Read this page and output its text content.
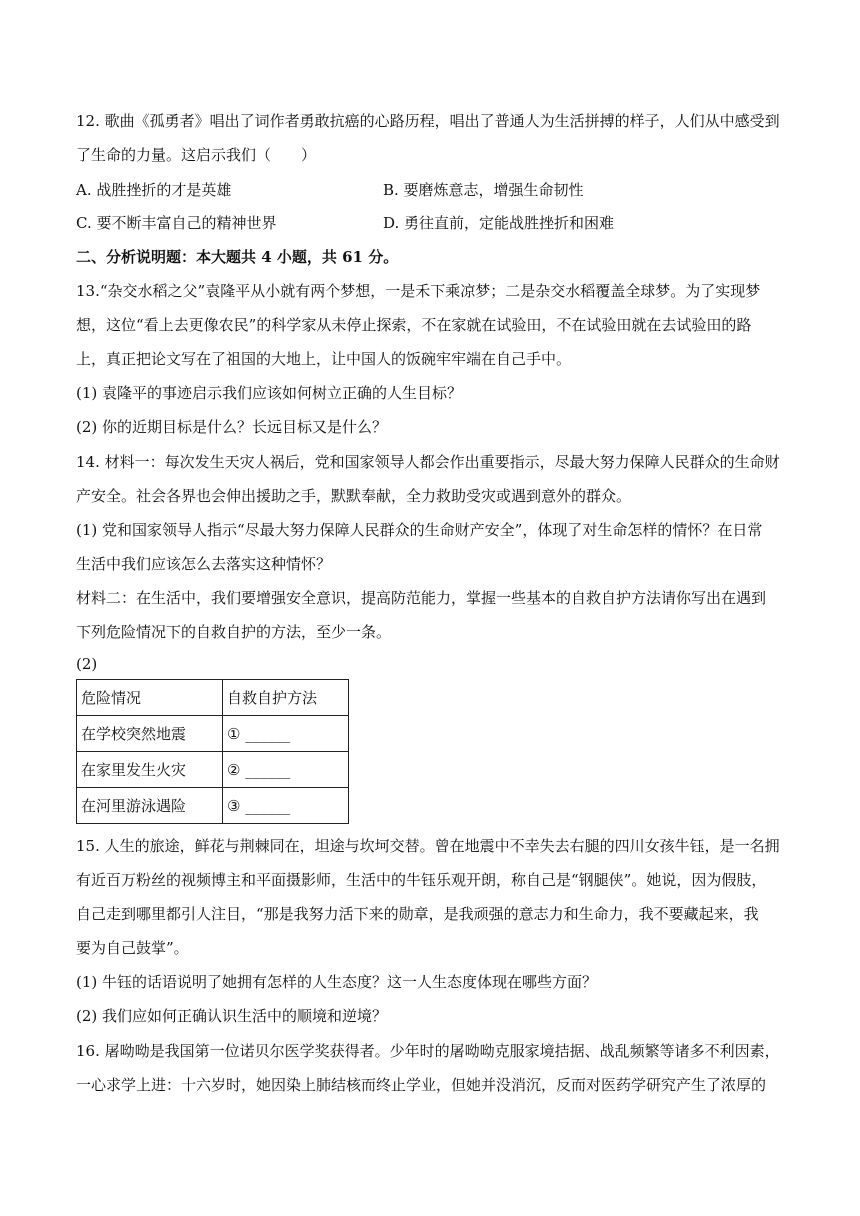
12. 歌曲《孤勇者》唱出了词作者勇敢抗癌的心路历程，唱出了普通人为生活拼搏的样子，人们从中感受到
了生命的力量。这启示我们（　　）
A. 战胜挫折的才是英雄	B. 要磨炼意志，增强生命韧性
C. 要不断丰富自己的精神世界	D. 勇往直前，定能战胜挫折和困难
二、分析说明题：本大题共 4 小题，共 61 分。
13.“杂交水稻之父”袁隆平从小就有两个梦想，一是禾下乘凉梦；二是杂交水稻覆盖全球梦。为了实现梦
想，这位“看上去更像农民”的科学家从未停止探索，不在家就在试验田，不在试验田就在去试验田的路
上，真正把论文写在了祖国的大地上，让中国人的饭碗牢牢端在自己手中。
(1) 袁隆平的事迹启示我们应该如何树立正确的人生目标？
(2) 你的近期目标是什么？长远目标又是什么？
14. 材料一：每次发生天灾人祸后，党和国家领导人都会作出重要指示，尽最大努力保障人民群众的生命财
产安全。社会各界也会伸出援助之手，默默奉献，全力救助受灾或遇到意外的群众。
(1) 党和国家领导人指示“尽最大努力保障人民群众的生命财产安全”，体现了对生命怎样的情怀？在日常
生活中我们应该怎么去落实这种情怀？
材料二：在生活中，我们要增强安全意识，提高防范能力，掌握一些基本的自救自护方法请你写出在遇到
下列危险情况下的自救自护的方法，至少一条。
(2)
危险情况	自救自护方法
在学校突然地震	① ______
在家里发生火灾	② ______
在河里游泳遇险	③ ______
15. 人生的旅途，鲜花与荆棘同在，坦途与坎坷交替。曾在地震中不幸失去右腿的四川女孩牛钰，是一名拥
有近百万粉丝的视频博主和平面摄影师，生活中的牛钰乐观开朗，称自己是“钢腿侠”。她说，因为假肢，
自己走到哪里都引人注目，“那是我努力活下来的勋章，是我顽强的意志力和生命力，我不要藏起来，我
要为自己鼓掌”。
(1) 牛钰的话语说明了她拥有怎样的人生态度？这一人生态度体现在哪些方面？
(2) 我们应如何正确认识生活中的顺境和逆境？
16. 屠呦呦是我国第一位诺贝尔医学奖获得者。少年时的屠呦呦克服家境拮据、战乱频繁等诸多不利因素，
一心求学上进：十六岁时，她因染上肺结核而终止学业，但她并没消沉，反而对医药学研究产生了浓厚的
